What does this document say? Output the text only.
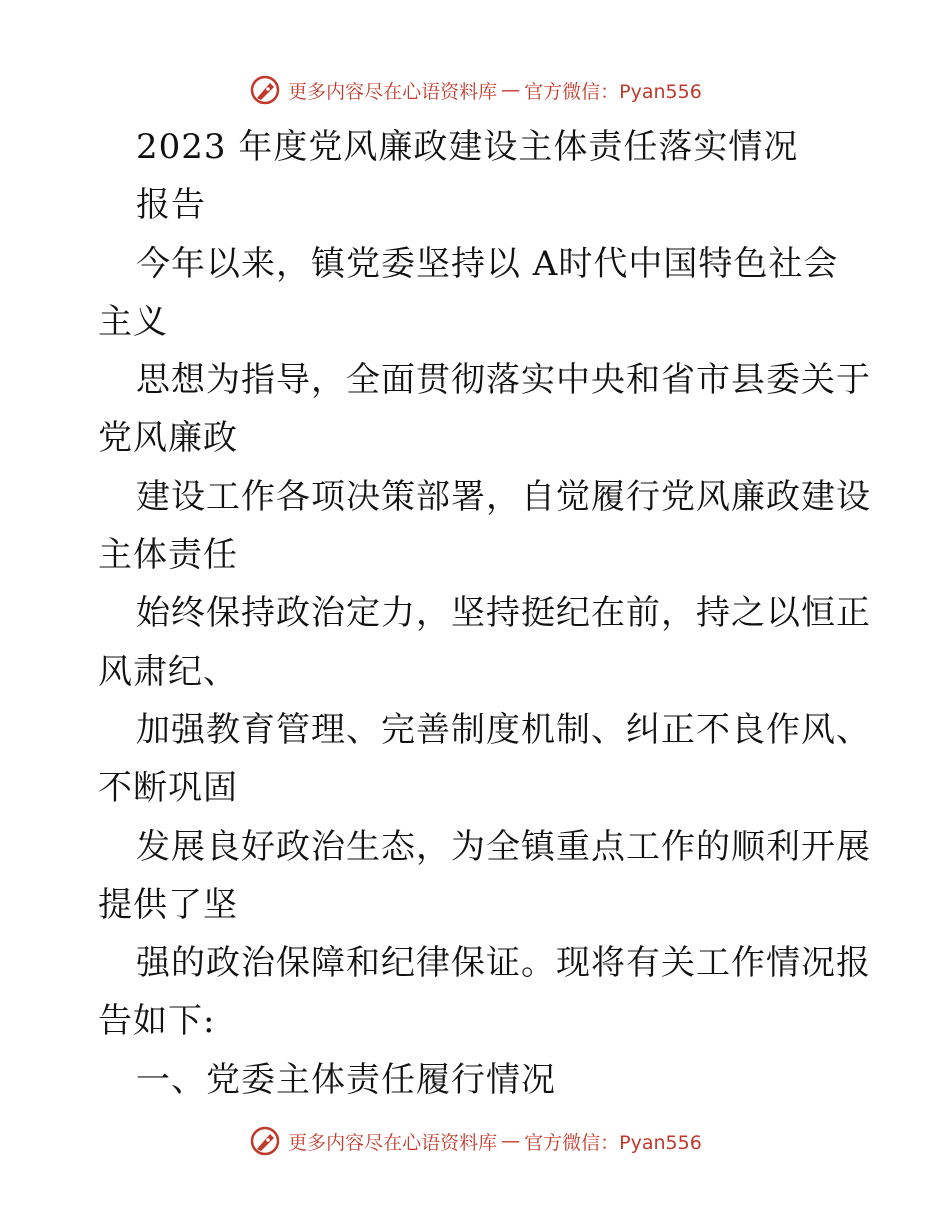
更多内容尽在心语资料库 — 官方微信：Pyan556
2023 年度党风廉政建设主体责任落实情况
报告
今年以来，镇党委坚持以 A时代中国特色社会
主义
思想为指导，全面贯彻落实中央和省市县委关于
党风廉政
建设工作各项决策部署，自觉履行党风廉政建设
主体责任
始终保持政治定力，坚持挺纪在前，持之以恒正
风肃纪、
加强教育管理、完善制度机制、纠正不良作风、
不断巩固
发展良好政治生态，为全镇重点工作的顺利开展
提供了坚
强的政治保障和纪律保证。现将有关工作情况报
告如下:
一、党委主体责任履行情况
更多内容尽在心语资料库 — 官方微信：Pyan556
